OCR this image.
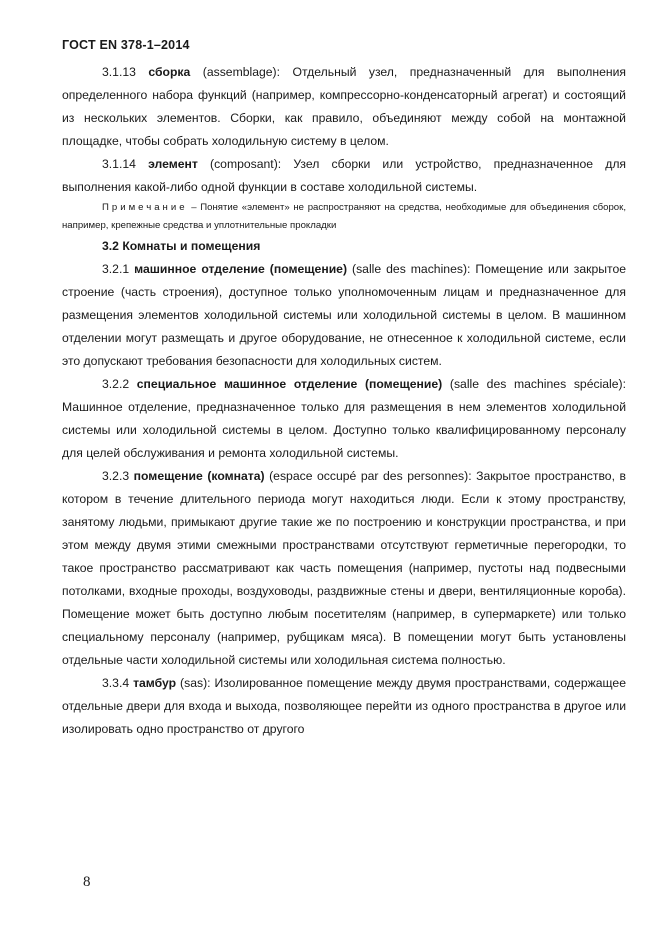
ГОСТ EN 378-1–2014

3.1.13 сборка (assemblage): Отдельный узел, предназначенный для выполнения определенного набора функций (например, компрессорно-конденсаторный агрегат) и состоящий из нескольких элементов. Сборки, как правило, объединяют между собой на монтажной площадке, чтобы собрать холодильную систему в целом.

3.1.14 элемент (composant): Узел сборки или устройство, предназначенное для выполнения какой-либо одной функции в составе холодильной системы.

Примечание – Понятие «элемент» не распространяют на средства, необходимые для объединения сборок, например, крепежные средства и уплотнительные прокладки

3.2 Комнаты и помещения

3.2.1 машинное отделение (помещение) (salle des machines): Помещение или закрытое строение (часть строения), доступное только уполномоченным лицам и предназначенное для размещения элементов холодильной системы или холодильной системы в целом. В машинном отделении могут размещать и другое оборудование, не отнесенное к холодильной системе, если это допускают требования безопасности для холодильных систем.

3.2.2 специальное машинное отделение (помещение) (salle des machines spéciale): Машинное отделение, предназначенное только для размещения в нем элементов холодильной системы или холодильной системы в целом. Доступно только квалифицированному персоналу для целей обслуживания и ремонта холодильной системы.

3.2.3 помещение (комната) (espace occupé par des personnes): Закрытое пространство, в котором в течение длительного периода могут находиться люди. Если к этому пространству, занятому людьми, примыкают другие такие же по построению и конструкции пространства, и при этом между двумя этими смежными пространствами отсутствуют герметичные перегородки, то такое пространство рассматривают как часть помещения (например, пустоты над подвесными потолками, входные проходы, воздуховоды, раздвижные стены и двери, вентиляционные короба). Помещение может быть доступно любым посетителям (например, в супермаркете) или только специальному персоналу (например, рубщикам мяса). В помещении могут быть установлены отдельные части холодильной системы или холодильная система полностью.

3.3.4 тамбур (sas): Изолированное помещение между двумя пространствами, содержащее отдельные двери для входа и выхода, позволяющее перейти из одного пространства в другое или изолировать одно пространство от другого

8
